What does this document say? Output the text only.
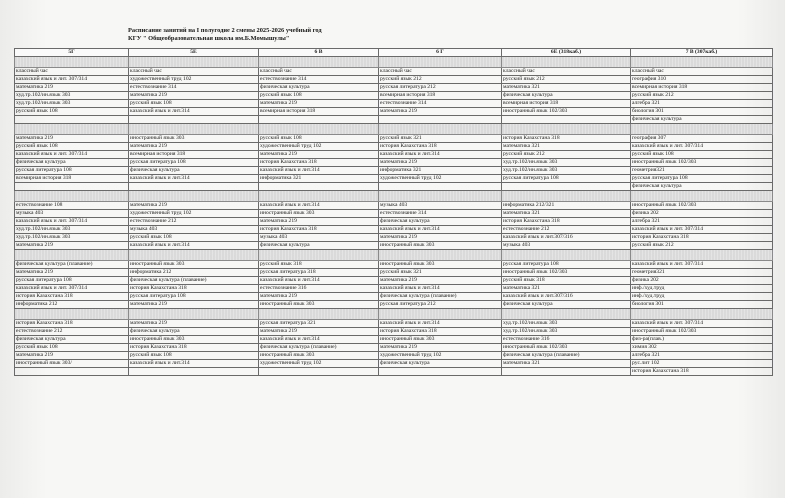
Расписание занятий на I полугодие 2 смены 2025-2026 учебный год
КГУ " Общеобразовательная школа им.Б.Момышулы"
5Г	5Е	6 В	6 Г	6Е (318каб.)	7 В (307каб.)

классный час	классный час	классный час	классный час	классный час	классный час
казахский язык и лит. 307/314	художественный труд 102	естествознание 314	русский язык 212	русский язык 212	география 310
математика 219	естествознание 314	физическая культура	русская литература 212	математика 321	всемирная история 318
худ.тр.102/ин.язык 303	математика 219	русский язык 108	всемирная история 318	физическая культура	русский язык 212
худ.тр.102/ин.язык 303	русский язык 108	математика 219	естествознание 314	всемирная история 318	алгебра 321
русский язык 108	казахский язык и лит.314	всемирная история 318	математика 219	иностранный язык 102/303	биология 301
					физическая культура

математика 219	иностранный язык 303	русский язык 108	русский язык 321	история Казахстана 318	география 307
русский язык 108	математика 219	художественный труд 102	история Казахстана 318	математика 321	казахский язык и лит. 307/314
казахский язык и лит. 307/314	всемирная история 318	математика 219	казахский язык и лит.314	русский язык 212	русский язык 108
физическая культура	русская литература 108	история Казахстана 318	математика 219	худ.тр.102/ин.язык 303	иностранный язык 102/303
русская литература 108	физическая культура	казахский язык и лит.314	информатика 321	худ.тр.102/ин.язык 303	геометрия321
всемирная история 318	казахский язык и лит.314	информатика 321	художественный труд 102	русская литература 108	русская литература 108
					физическая культура

естествознание 108	математика 219	казахский язык и лит.314	музыка 403	информатика 212/321	иностранный язык 102/303
музыка 403	художественный труд 102	иностранный язык 303	естествознание 314	математика 321	физика 202
казахский язык и лит. 307/314	естествознание 212	математика 219	физическая культура	история Казахстана 318	алгебра 321
худ.тр.102/ин.язык 303	музыка 403	история Казахстана 318	казахский язык и лит.314	естествознание 212	казахский язык и лит. 307/314
худ.тр.102/ин.язык 303	русский язык 108	музыка 403	математика 219	казахский язык и лит.307/316	история Казахстана 318
математика 219	казахский язык и лит.314	физическая культура	иностранный язык 303	музыка 403	русский язык 212

физическая культура (плавание)	иностранный язык 303	русский язык 318	иностранный язык 303	русская литература 108	казахский язык и лит. 307/314
математика 219	информатика 212	русская литература 318	русский язык 321	иностранный язык 102/303	геометрия321
русская литература 108	физическая культура (плавание)	казахский язык и лит.314	математика 219	русский язык 318	физика 202
казахский язык и лит. 307/314	история Казахстана 318	естествознание 316	казахский язык и лит.314	математика 321	инф./худ.труд
история Казахстана 318	русская литература 108	математика 219	физическая культура (плавание)	казахский язык и лит.307/316	инф./худ.труд
информатика 212	математика 219	иностранный язык 303	русская литература 212	физическая культура	биология 301

история Казахстана 318	математика 219	русская литература 321	казахский язык и лит.314	худ.тр.102/ин.язык 303	казахский язык и лит. 307/314
естествознание 212	физическая культура	математика 219	история Казахстана 318	худ.тр.102/ин.язык 303	иностранный язык 102/303
физическая культура	иностранный язык 303	казахский язык и лит.314	иностранный язык 303	естествознание 316	физ-ра(плав.)
русский язык 108	история Казахстана 318	физическая культура (плавание)	математика 219	иностранный язык 102/303	химия 302
математика 219	русский язык 108	иностранный язык 303	художественный труд 102	физическая культура (плавание)	алгебра 321
иностранный язык 303/	казахский язык и лит.314	художественный труд 102	физическая культура	математика 321	рус.лит 102
					история Казахстана 318
